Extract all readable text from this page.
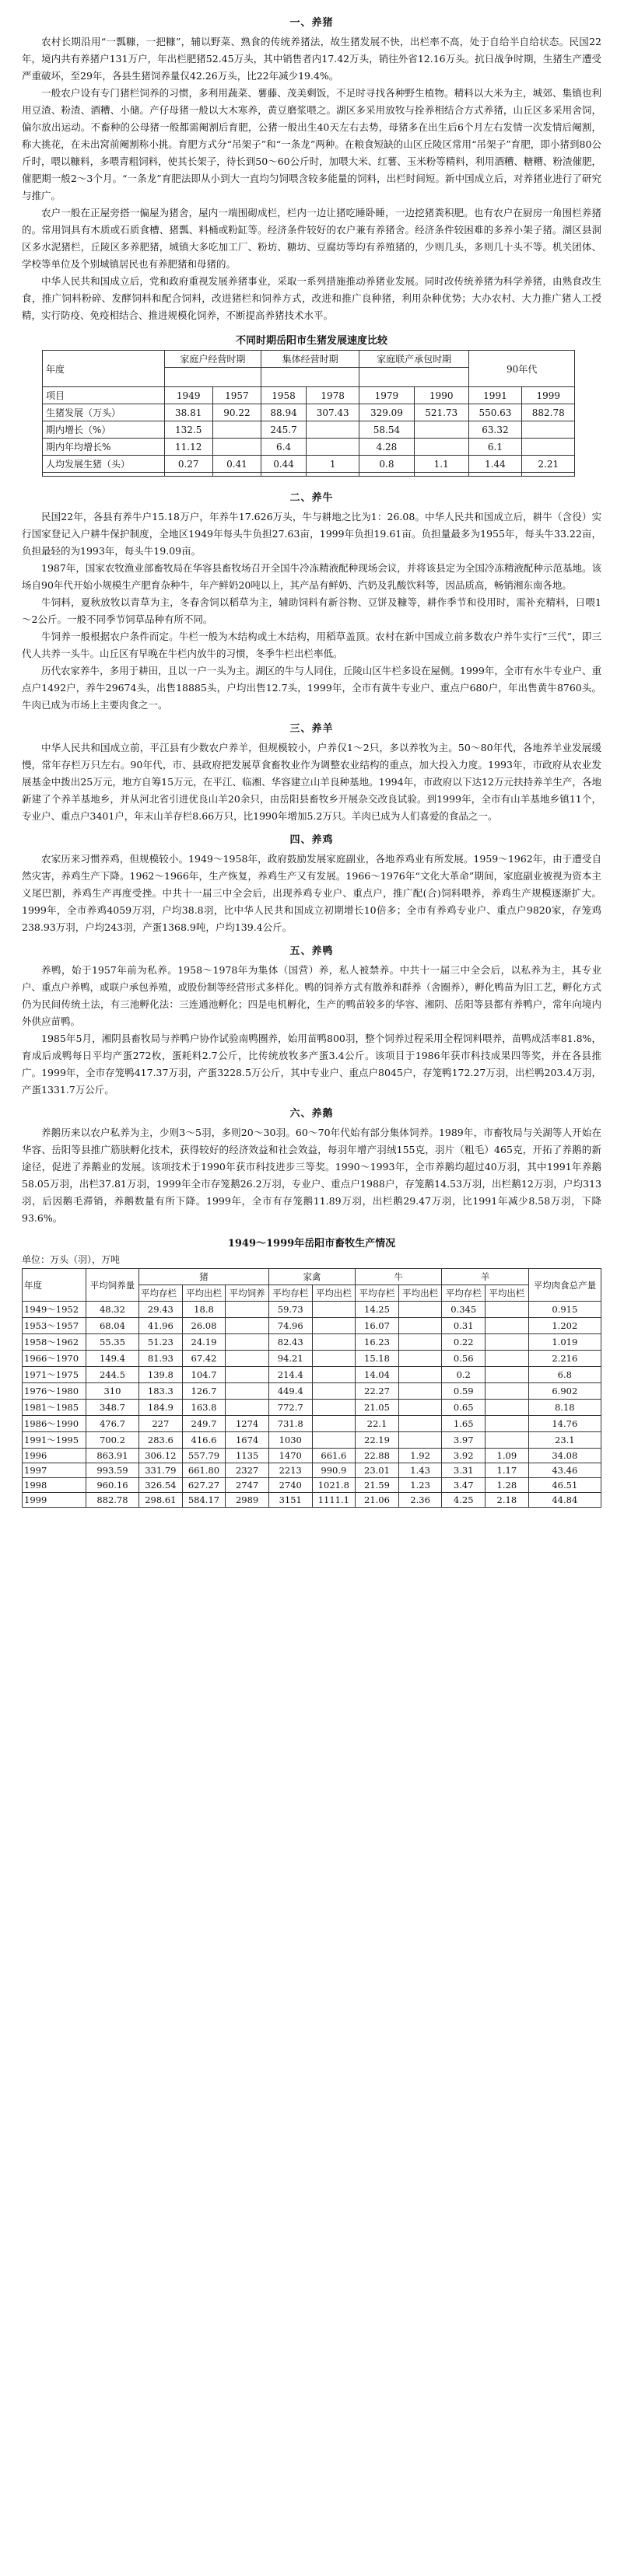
一、养猪

农村长期沿用“一瓢糠，一把糠”，辅以野菜、熟食的传统养猪法，故生猪发展不快，出栏率不高，处于自给半自给状态。民国22年，境内共有养猪户131万户，年出栏肥猪52.45万头，其中销售者内17.42万头，销往外省12.16万头。抗日战争时期，生猪生产遭受严重破坏，至29年，各县生猪饲养量仅42.26万头，比22年减少19.4%。

一般农户设有专门猪栏饲养的习惯，多利用蔬菜、薯藤、茂美剩饭，不足时寻找各种野生植物。精料以大米为主，城郊、集镇也利用豆渣、粉渣、酒糟、小储。产仔母猪一般以大木寒养，黄豆磨浆喂之。湖区多采用放牧与拴养相结合方式养猪，山丘区多采用舍饲，偏尔放出运动。不畜种的公母猪一般都需阉割后育肥，公猪一般出生40天左右去势，母猪多在出生后6个月左右发情一次发情后阉割，称大挑花，在未出窝前阉割称小挑。育肥方式分“吊架子”和“一条龙”两种。在粮食短缺的山区丘陵区常用“吊架子”育肥，即小猪到80公斤时，喂以糠料，多喂青粗饲料，使其长架子，待长到50～60公斤时，加喂大米、红薯、玉米粉等精料，利用酒糟、糖糟、粉渣催肥，催肥期一般2～3个月。“一条龙”育肥法即从小到大一直均匀饲喂含较多能量的饲料，出栏时间短。新中国成立后，对养猪业进行了研究与推广。

农户一般在正屋旁搭一偏屋为猪舍，屋内一端围砌成栏，栏内一边让猪吃睡卧睡，一边挖猪粪积肥。也有农户在厨房一角围栏养猪的。常用饲具有木质或石质食槽、猪瓢、料桶或粉缸等。经济条件较好的农户兼有养猪舍。经济条件较困难的多养小架子猪。湖区县洞区多水泥猪栏，丘陵区多养肥猪，城镇大多吃加工厂、粉坊、糖坊、豆腐坊等均有养殖猪的，少则几头，多则几十头不等。机关团体、学校等单位及个别城镇居民也有养肥猪和母猪的。

中华人民共和国成立后，党和政府重视发展养猪事业，采取一系列措施推动养猪业发展。同时改传统养猪为科学养猪，由熟食改生食，推广饲料粉碎、发酵饲料和配合饲料，改进猪栏和饲养方式，改进和推广良种猪，利用杂种优势；大办农村、大力推广猪人工授精，实行防疫、免疫相结合、推进规模化饲养，不断提高养猪技术水平。

不同时期岳阳市生猪发展速度比较
年度	家庭户经营时期		集体经营时期		家庭联产承包时期		90年代	

项目	1949	1957	1958	1978	1979	1990	1991	1999
生猪发展（万头）	38.81	90.22	88.94	307.43	329.09	521.73	550.63	882.78
期内增长（%）	132.5		245.7		58.54		63.32	
期内年均增长%	11.12		6.4		4.28		6.1	
人均发展生猪（头）	0.27	0.41	0.44	1	0.8	1.1	1.44	2.21

二、养牛

民国22年，各县有养牛户15.18万户，年养牛17.626万头，牛与耕地之比为1：26.08。中华人民共和国成立后，耕牛（含役）实行国家登记入户耕牛保护制度，全地区1949年每头牛负担27.63亩，1999年负担19.61亩。负担量最多为1955年，每头牛33.22亩，负担最轻的为1993年，每头牛19.09亩。

1987年，国家农牧渔业部畜牧局在华容县畜牧场召开全国牛冷冻精液配种现场会议，并将该县定为全国冷冻精液配种示范基地。该场自90年代开始小规模生产肥育杂种牛，年产鲜奶20吨以上，其产品有鲜奶、汽奶及乳酸饮料等，因品质高，畅销湘东南各地。

牛饲料，夏秋放牧以青草为主，冬春舍饲以稻草为主，辅助饲料有新谷物、豆饼及糠等，耕作季节和役用时，需补充精料，日喂1～2公斤。一般不同季节饲草品种有所不同。

牛饲养一般根据农户条件而定。牛栏一般为木结构或土木结构，用稻草盖顶。农村在新中国成立前多数农户养牛实行“三代”，即三代人共养一头牛。山丘区有早晚在牛栏内放牛的习惯，冬季牛栏出栏率低。

历代农家养牛，多用于耕田，且以一户一头为主。湖区的牛与人同住，丘陵山区牛栏多设在屋侧。1999年，全市有水牛专业户、重点户1492户，养牛29674头，出售18885头，户均出售12.7头，1999年，全市有黄牛专业户、重点户680户，年出售黄牛8760头。牛肉已成为市场上主要肉食之一。

三、养羊

中华人民共和国成立前，平江县有少数农户养羊，但规模较小，户养仅1～2只，多以养牧为主。50～80年代，各地养羊业发展缓慢，常年存栏万只左右。90年代，市、县政府把发展草食畜牧业作为调整农业结构的重点，加大投入力度。1993年，市政府从农业发展基金中拨出25万元，地方自筹15万元，在平江、临湘、华容建立山羊良种基地。1994年，市政府以下达12万元扶持养羊生产，各地新建了个养羊基地乡，并从河北省引进优良山羊20余只，由岳阳县畜牧乡开展杂交改良试验。到1999年，全市有山羊基地乡镇11个，专业户、重点户3401户，年末山羊存栏8.66万只，比1990年增加5.2万只。羊肉已成为人们喜爱的食品之一。

四、养鸡

农家历来习惯养鸡，但规模较小。1949～1958年，政府鼓励发展家庭副业，各地养鸡业有所发展。1959～1962年，由于遭受自然灾害，养鸡生产下降。1962～1966年，生产恢复，养鸡生产又有发展。1966～1976年“文化大革命”期间，家庭副业被视为资本主义尾巴割，养鸡生产再度受挫。中共十一届三中全会后，出现养鸡专业户、重点户，推广配(合)饲料喂养，养鸡生产规模逐渐扩大。1999年，全市养鸡4059万羽，户均38.8羽，比中华人民共和国成立初期增长10倍多；全市有养鸡专业户、重点户9820家，存笼鸡238.93万羽，户均243羽，产蛋1368.9吨，户均139.4公斤。

五、养鸭

养鸭，始于1957年前为私养。1958～1978年为集体（国营）养，私人被禁养。中共十一届三中全会后，以私养为主，其专业户、重点户养鸭，或联户承包养殖，或股份制等经营形式多样化。鸭的饲养方式有散养和群养（舍圈养），孵化鸭苗为旧工艺，孵化方式仍为民间传统土法，有三池孵化法：三连通池孵化；四是电机孵化，生产的鸭苗较多的华容、湘阴、岳阳等县都有养鸭户，常年向境内外供应苗鸭。

1985年5月，湘阴县畜牧局与养鸭户协作试验南鸭圈养，始用苗鸭800羽，整个饲养过程采用全程饲料喂养，苗鸭成活率81.8%，育成后成鸭每日平均产蛋272枚，蛋耗料2.7公斤，比传统放牧多产蛋3.4公斤。该项目于1986年获市科技成果四等奖，并在各县推广。1999年，全市存笼鸭417.37万羽，产蛋3228.5万公斤，其中专业户、重点户8045户，存笼鸭172.27万羽，出栏鸭203.4万羽，产蛋1331.7万公斤。

六、养鹅

养鹅历来以农户私养为主，少则3～5羽，多则20～30羽。60～70年代始有部分集体饲养。1989年，市畜牧局与关湖等人开始在华容、岳阳等县推广筋肤孵化技术，获得较好的经济效益和社会效益，每羽年增产羽绒155克，羽片（粗毛）465克，开拓了养鹅的新途径，促进了养鹅业的发展。该项技术于1990年获市科技进步三等奖。1990～1993年，全市养鹅均超过40万羽，其中1991年养鹅58.05万羽，出栏37.81万羽，1999年全市存笼鹅26.2万羽，专业户、重点户1988户，存笼鹅14.53万羽，出栏鹅12万羽，户均313羽，后因鹅毛滞销，养鹅数量有所下降。1999年，全市有存笼鹅11.89万羽，出栏鹅29.47万羽，比1991年减少8.58万羽，下降93.6%。

1949～1999年岳阳市畜牧生产情况
单位：万头（羽），万吨
年度	平均饲养量	猪			家禽		牛		羊		平均肉食总产量
		平均存栏	平均出栏	平均饲养	平均存栏	平均出栏	平均存栏	平均出栏	平均存栏	平均出栏	
1949～1952	48.32	29.43	18.8		59.73		14.25		0.345		0.915
1953～1957	68.04	41.96	26.08		74.96		16.07		0.31		1.202
1958～1962	55.35	51.23	24.19		82.43		16.23		0.22		1.019
1966～1970	149.4	81.93	67.42		94.21		15.18		0.56		2.216
1971～1975	244.5	139.8	104.7		214.4		14.04		0.2		6.8
1976～1980	310	183.3	126.7		449.4		22.27		0.59		6.902
1981～1985	348.7	184.9	163.8		772.7		21.05		0.65		8.18
1986～1990	476.7	227	249.7	1274	731.8		22.1		1.65		14.76
1991～1995	700.2	283.6	416.6	1674	1030		22.19		3.97		23.1
1996	863.91	306.12	557.79	1135	1470	661.6	22.88	1.92	3.92	1.09	34.08
1997	993.59	331.79	661.80	2327	2213	990.9	23.01	1.43	3.31	1.17	43.46
1998	960.16	326.54	627.27	2747	2740	1021.8	21.59	1.23	3.47	1.28	46.51
1999	882.78	298.61	584.17	2989	3151	1111.1	21.06	2.36	4.25	2.18	44.84
